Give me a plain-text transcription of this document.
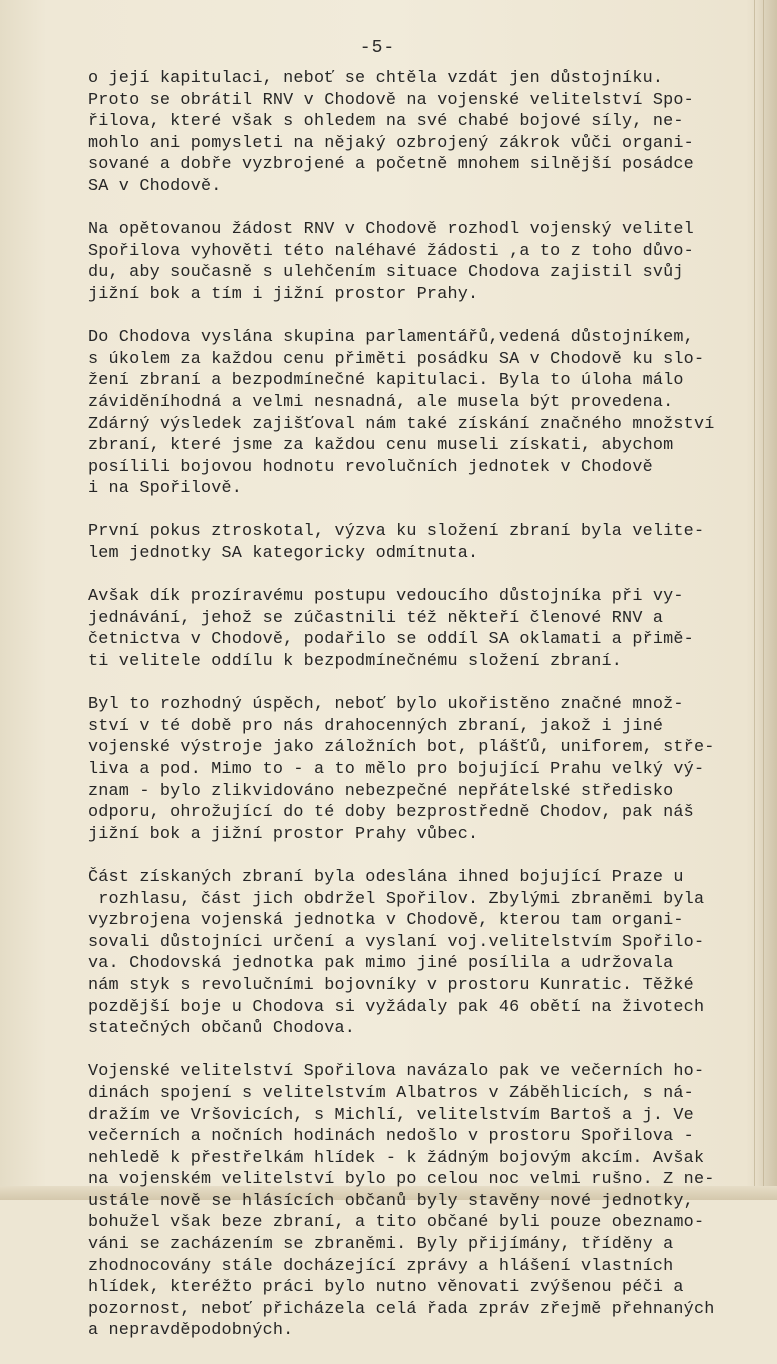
-5-
o její kapitulaci, neboť se chtěla vzdát jen důstojníku.
Proto se obrátil RNV v Chodově na vojenské velitelství Spo-
řilova, které však s ohledem na své chabé bojové síly, ne-
mohlo ani pomysleti na nějaký ozbrojený zákrok vůči organi-
sované a dobře vyzbrojené a početně mnohem silnější posádce
SA v Chodově.
Na opětovanou žádost RNV v Chodově rozhodl vojenský velitel
Spořilova vyhověti této naléhavé žádosti ,a to z toho důvo-
du, aby současně s ulehčením situace Chodova zajistil svůj
jižní bok a tím i jižní prostor Prahy.
Do Chodova vyslána skupina parlamentářů,vedená důstojníkem,
s úkolem za každou cenu přiměti posádku SA v Chodově ku slo-
žení zbraní a bezpodmínečné kapitulaci. Byla to úloha málo
záviděníhodná a velmi nesnadná, ale musela být provedena.
Zdárný výsledek zajišťoval nám také získání značného množství
zbraní, které jsme za každou cenu museli získati, abychom
posílili bojovou hodnotu revolučních jednotek v Chodově
i na Spořilově.
První pokus ztroskotal, výzva ku složení zbraní byla velite-
lem jednotky SA kategoricky odmítnuta.
Avšak dík prozíravému postupu vedoucího důstojníka při vy-
jednávání, jehož se zúčastnili též někteří členové RNV a
četnictva v Chodově, podařilo se oddíl SA oklamati a přimě-
ti velitele oddílu k bezpodmínečnému složení zbraní.
Byl to rozhodný úspěch, neboť bylo ukořistěno značné množ-
ství v té době pro nás drahocenných zbraní, jakož i jiné
vojenské výstroje jako záložních bot, plášťů, uniforem, stře-
liva a pod. Mimo to - a to mělo pro bojující Prahu velký vý-
znam - bylo zlikvidováno nebezpečné nepřátelské středisko
odporu, ohrožující do té doby bezprostředně Chodov, pak náš
jižní bok a jižní prostor Prahy vůbec.
Část získaných zbraní byla odeslána ihned bojující Praze u
rozhlasu, část jich obdržel Spořilov. Zbylými zbraněmi byla
vyzbrojena vojenská jednotka v Chodově, kterou tam organi-
sovali důstojníci určení a vyslaní voj.velitelstvím Spořilo-
va. Chodovská jednotka pak mimo jiné posílila a udržovala
nám styk s revolučními bojovníky v prostoru Kunratic. Těžké
pozdější boje u Chodova si vyžádaly pak 46 obětí na životech
statečných občanů Chodova.
Vojenské velitelství Spořilova navázalo pak ve večerních ho-
dinách spojení s velitelstvím Albatros v Záběhlicích, s ná-
dražím ve Vršovicích, s Michlí, velitelstvím Bartoš a j. Ve
večerních a nočních hodinách nedošlo v prostoru Spořilova -
nehledě k přestřelkám hlídek - k žádným bojovým akcím. Avšak
na vojenském velitelství bylo po celou noc velmi rušno. Z ne-
ustále nově se hlásících občanů byly stavěny nové jednotky,
bohužel však beze zbraní, a tito občané byli pouze obeznamo-
váni se zacházením se zbraněmi. Byly přijímány, tříděny a
zhodnocovány stále docházející zprávy a hlášení vlastních
hlídek, kteréžto práci bylo nutno věnovati zvýšenou péči a
pozornost, neboť přicházela celá řada zpráv zřejmě přehnaných
a nepravděpodobných.
